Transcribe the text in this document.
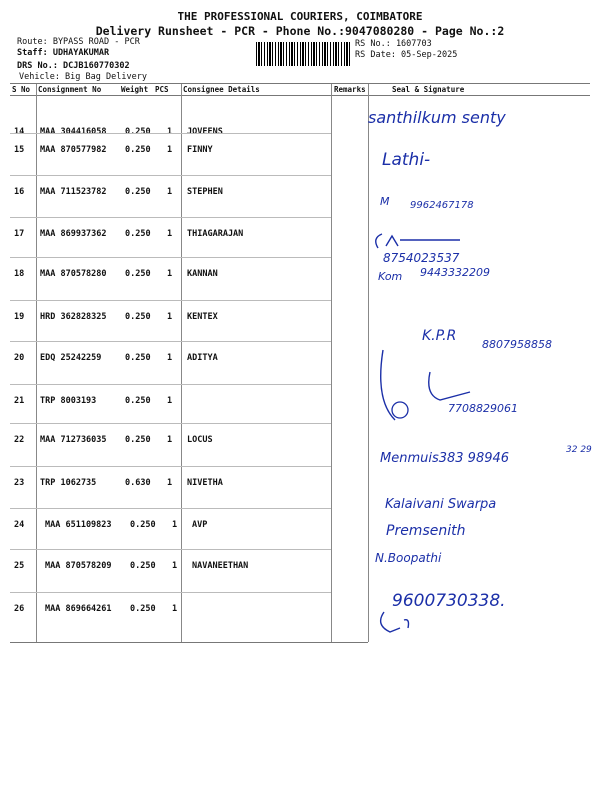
THE PROFESSIONAL COURIERS, COIMBATORE
Delivery Runsheet - PCR - Phone No.:9047080280 - Page No.:2
Route: BYPASS ROAD - PCR
Staff: UDHAYAKUMAR
DRS No.: DCJB160770302
Vehicle: Big Bag Delivery
RS No.: 1607703
RS Date: 05-Sep-2025
S No Consignment No	Weight PCS Consignee Details	Remarks	Seal & Signature
14 MAA 304416058 0.250 1 JOVEENS
15 MAA 870577982 0.250 1 FINNY
16 MAA 711523782 0.250 1 STEPHEN
17 MAA 869937362 0.250 1 THIAGARAJAN
18 MAA 870578280 0.250 1 KANNAN
19 HRD 362828325 0.250 1 KENTEX
20 EDQ 25242259	0.250 1 ADITYA
21 TRP 8003193	0.250 1
22 MAA 712736035 0.250 1 LOCUS
23 TRP 1062735	0.630 1 NIVETHA
24 MAA 651109823 0.250 1 AVP
25 MAA 870578209 0.250 1 NAVANEETHAN
26 MAA 869664261 0.250 1
santhilkum senty
Lathi-
M 9962467178
8754023537
Kom 9443332209
K.P.R
8807958858
7708829061
Menmuis383 98946
32 29
Kalaivani Swarpa
Premsenith
N.Boopathi
9600730338.
